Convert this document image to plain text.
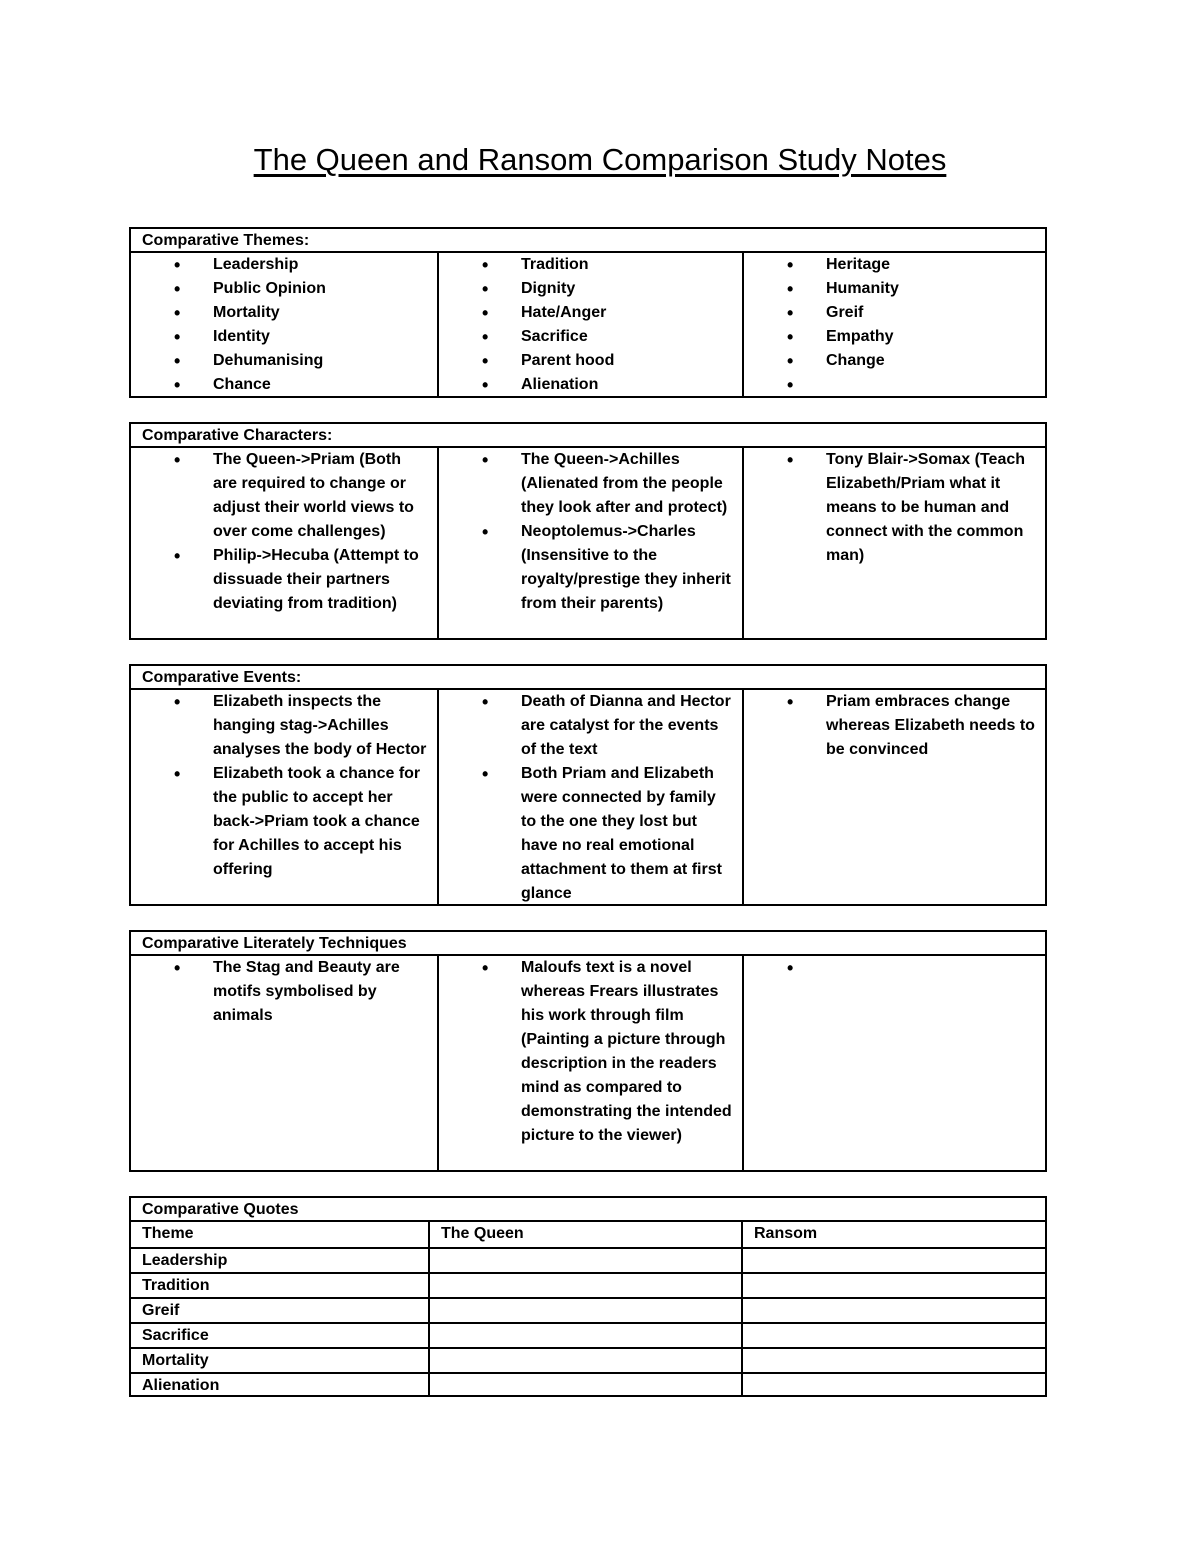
The Queen and Ransom Comparison Study Notes
Comparative Themes:
• Leadership
• Public Opinion
• Mortality
• Identity
• Dehumanising
• Chance
• Tradition
• Dignity
• Hate/Anger
• Sacrifice
• Parent hood
• Alienation
• Heritage
• Humanity
• Greif
• Empathy
• Change
Comparative Characters:
• The Queen->Priam (Both are required to change or adjust their world views to over come challenges)
• Philip->Hecuba (Attempt to dissuade their partners deviating from tradition)
• The Queen->Achilles (Alienated from the people they look after and protect)
• Neoptolemus->Charles (Insensitive to the royalty/prestige they inherit from their parents)
• Tony Blair->Somax (Teach Elizabeth/Priam what it means to be human and connect with the common man)
Comparative Events:
• Elizabeth inspects the hanging stag->Achilles analyses the body of Hector
• Elizabeth took a chance for the public to accept her back->Priam took a chance for Achilles to accept his offering
• Death of Dianna and Hector are catalyst for the events of the text
• Both Priam and Elizabeth were connected by family to the one they lost but have no real emotional attachment to them at first glance
• Priam embraces change whereas Elizabeth needs to be convinced
Comparative Literately Techniques
• The Stag and Beauty are motifs symbolised by animals
• Maloufs text is a novel whereas Frears illustrates his work through film (Painting a picture through description in the readers mind as compared to demonstrating the intended picture to the viewer)
Comparative Quotes
Theme	The Queen	Ransom
Leadership
Tradition
Greif
Sacrifice
Mortality
Alienation
